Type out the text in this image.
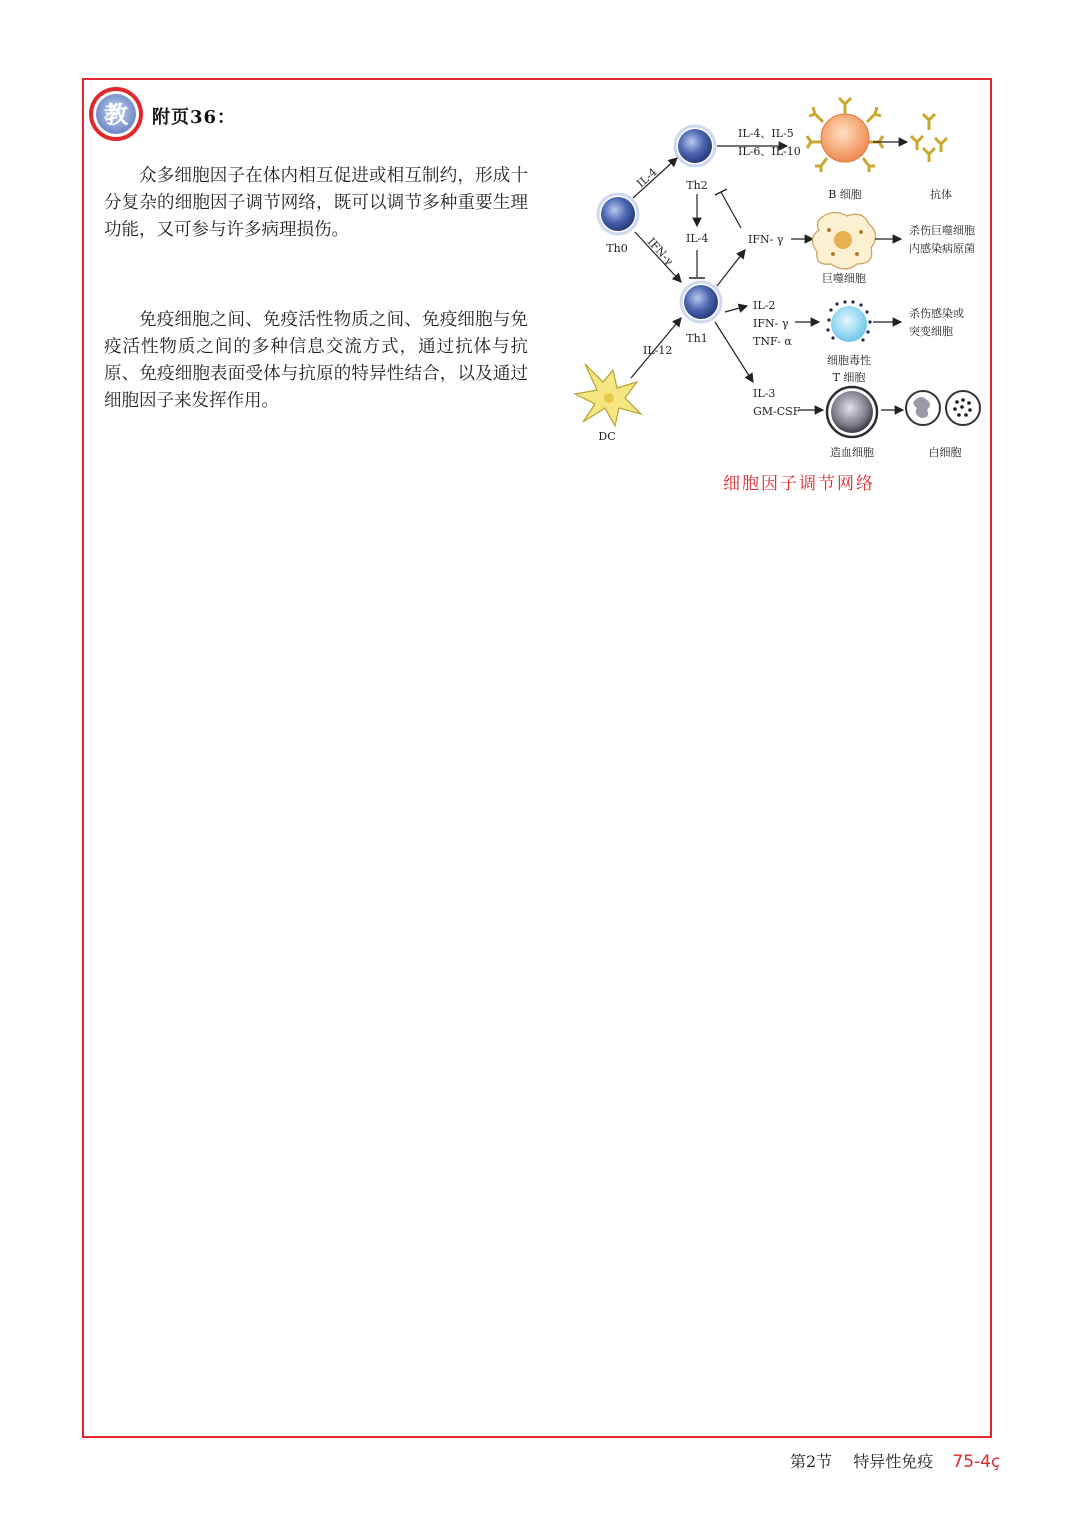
教 附页36：

众多细胞因子在体内相互促进或相互制约，形成十分复杂的细胞因子调节网络，既可以调节多种重要生理功能，又可参与许多病理损伤。

免疫细胞之间、免疫活性物质之间、免疫细胞与免疫活性物质之间的多种信息交流方式，通过抗体与抗原、免疫细胞表面受体与抗原的特异性结合，以及通过细胞因子来发挥作用。

Th0
Th2
Th1
DC
IL-4
IFN-γ IL-4
IL-12
IL-4、IL-5
IL-6、IL-10
B 细胞	抗体
IFN- γ
巨噬细胞
杀伤巨噬细胞
内感染病原菌
IL-2
IFN- γ
TNF- α
细胞毒性
T 细胞
杀伤感染或
突变细胞
IL-3
GM-CSF
造血细胞	白细胞
细胞因子调节网络
第2节 特异性免疫 75-4ç
